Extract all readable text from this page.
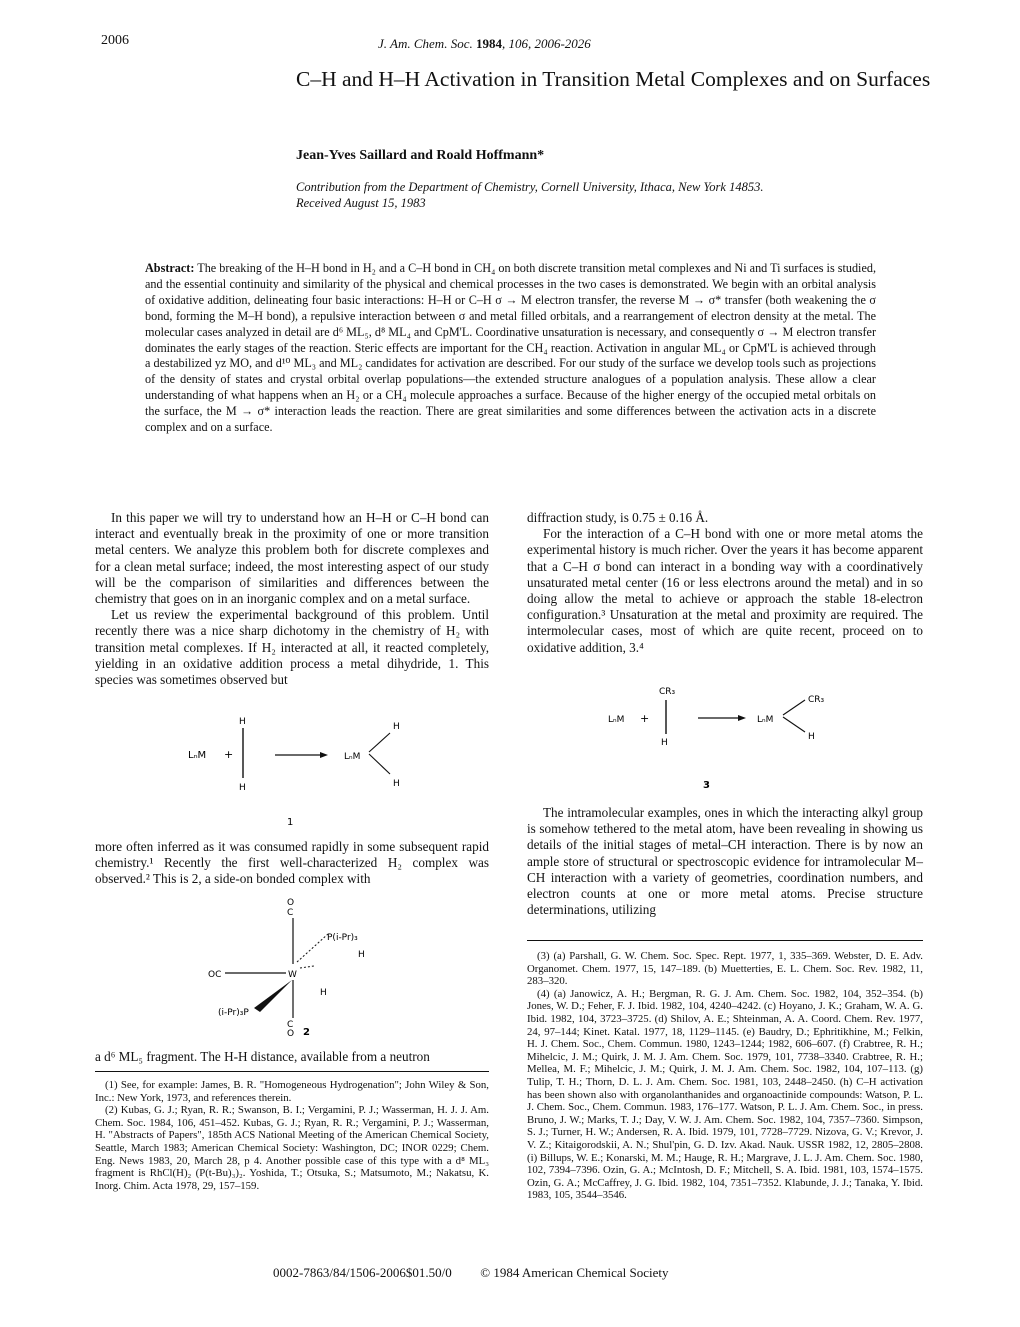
2006	J. Am. Chem. Soc. 1984, 106, 2006-2026
C–H and H–H Activation in Transition Metal Complexes and on Surfaces
Jean-Yves Saillard and Roald Hoffmann*
Contribution from the Department of Chemistry, Cornell University, Ithaca, New York 14853.
Received August 15, 1983
Abstract: The breaking of the H–H bond in H₂ and a C–H bond in CH₄ on both discrete transition metal complexes and Ni and Ti surfaces is studied, and the essential continuity and similarity of the physical and chemical processes in the two cases is demonstrated. We begin with an orbital analysis of oxidative addition, delineating four basic interactions: H–H or C–H σ → M electron transfer, the reverse M → σ* transfer (both weakening the σ bond, forming the M–H bond), a repulsive interaction between σ and metal filled orbitals, and a rearrangement of electron density at the metal. The molecular cases analyzed in detail are d⁶ ML₅, d⁸ ML₄ and CpM'L. Coordinative unsaturation is necessary, and consequently σ → M electron transfer dominates the early stages of the reaction. Steric effects are important for the CH₄ reaction. Activation in angular ML₄ or CpM'L is achieved through a destabilized yz MO, and d¹⁰ ML₃ and ML₂ candidates for activation are described. For our study of the surface we develop tools such as projections of the density of states and crystal orbital overlap populations—the extended structure analogues of a population analysis. These allow a clear understanding of what happens when an H₂ or a CH₄ molecule approaches a surface. Because of the higher energy of the occupied metal orbitals on the surface, the M → σ* interaction leads the reaction. There are great similarities and some differences between the activation acts in a discrete complex and on a surface.

In this paper we will try to understand how an H–H or C–H bond can interact and eventually break in the proximity of one or more transition metal centers. We analyze this problem both for discrete complexes and for a clean metal surface; indeed, the most interesting aspect of our study will be the comparison of similarities and differences between the chemistry that goes on in an inorganic complex and on a metal surface.

Let us review the experimental background of this problem. Until recently there was a nice sharp dichotomy in the chemistry of H₂ with transition metal complexes. If H₂ interacted at all, it reacted completely, yielding in an oxidative addition process a metal dihydride, 1. This species was sometimes observed but

LₙM +
H
H
LₙM
H
H
1

more often inferred as it was consumed rapidly in some subsequent rapid chemistry.¹ Recently the first well-characterized H₂ complex was observed.² This is 2, a side-on bonded complex with

O
C
P(i-Pr)₃
H
OC	W
H
(i-Pr)₃P
C
O 2

a d⁶ ML₅ fragment. The H-H distance, available from a neutron

(1) See, for example: James, B. R. "Homogeneous Hydrogenation"; John Wiley & Son, Inc.: New York, 1973, and references therein.

(2) Kubas, G. J.; Ryan, R. R.; Swanson, B. I.; Vergamini, P. J.; Wasserman, H. J. J. Am. Chem. Soc. 1984, 106, 451–452. Kubas, G. J.; Ryan, R. R.; Vergamini, P. J.; Wasserman, H. "Abstracts of Papers", 185th ACS National Meeting of the American Chemical Society, Seattle, March 1983; American Chemical Society: Washington, DC; INOR 0229; Chem. Eng. News 1983, 20, March 28, p 4. Another possible case of this type with a d⁸ ML₃ fragment is RhCl(H)₂ (P(t-Bu)₃)₂. Yoshida, T.; Otsuka, S.; Matsumoto, M.; Nakatsu, K. Inorg. Chim. Acta 1978, 29, 157–159.

diffraction study, is 0.75 ± 0.16 Å.

For the interaction of a C–H bond with one or more metal atoms the experimental history is much richer. Over the years it has become apparent that a C–H σ bond can interact in a bonding way with a coordinatively unsaturated metal center (16 or less electrons around the metal) and in so doing allow the metal to achieve or approach the stable 18-electron configuration.³ Unsaturation at the metal and proximity are required. The intermolecular cases, most of which are quite recent, proceed on to oxidative addition, 3.⁴

LₙM +
CR₃
H
LₙM
CR₃
H
3

The intramolecular examples, ones in which the interacting alkyl group is somehow tethered to the metal atom, have been revealing in showing us details of the initial stages of metal–CH interaction. There is by now an ample store of structural or spectroscopic evidence for intramolecular M–CH interaction with a variety of geometries, coordination numbers, and electron counts at one or more metal atoms. Precise structure determinations, utilizing

(3) (a) Parshall, G. W. Chem. Soc. Spec. Rept. 1977, 1, 335–369. Webster, D. E. Adv. Organomet. Chem. 1977, 15, 147–189. (b) Muetterties, E. L. Chem. Soc. Rev. 1982, 11, 283–320.

(4) (a) Janowicz, A. H.; Bergman, R. G. J. Am. Chem. Soc. 1982, 104, 352–354. (b) Jones, W. D.; Feher, F. J. Ibid. 1982, 104, 4240–4242. (c) Hoyano, J. K.; Graham, W. A. G. Ibid. 1982, 104, 3723–3725. (d) Shilov, A. E.; Shteinman, A. A. Coord. Chem. Rev. 1977, 24, 97–144; Kinet. Katal. 1977, 18, 1129–1145. (e) Baudry, D.; Ephritikhine, M.; Felkin, H. J. Chem. Soc., Chem. Commun. 1980, 1243–1244; 1982, 606–607. (f) Crabtree, R. H.; Mihelcic, J. M.; Quirk, J. M. J. Am. Chem. Soc. 1979, 101, 7738–3340. Crabtree, R. H.; Mellea, M. F.; Mihelcic, J. M.; Quirk, J. M. J. Am. Chem. Soc. 1982, 104, 107–113. (g) Tulip, T. H.; Thorn, D. L. J. Am. Chem. Soc. 1981, 103, 2448–2450. (h) C–H activation has been shown also with organolanthanides and organoactinide compounds: Watson, P. L. J. Chem. Soc., Chem. Commun. 1983, 176–177. Watson, P. L. J. Am. Chem. Soc., in press. Bruno, J. W.; Marks, T. J.; Day, V. W. J. Am. Chem. Soc. 1982, 104, 7357–7360. Simpson, S. J.; Turner, H. W.; Andersen, R. A. Ibid. 1979, 101, 7728–7729. Nizova, G. V.; Krevor, J. V. Z.; Kitaigorodskii, A. N.; Shul'pin, G. D. Izv. Akad. Nauk. USSR 1982, 12, 2805–2808. (i) Billups, W. E.; Konarski, M. M.; Hauge, R. H.; Margrave, J. L. J. Am. Chem. Soc. 1980, 102, 7394–7396. Ozin, G. A.; McIntosh, D. F.; Mitchell, S. A. Ibid. 1981, 103, 1574–1575. Ozin, G. A.; McCaffrey, J. G. Ibid. 1982, 104, 7351–7352. Klabunde, J. J.; Tanaka, Y. Ibid. 1983, 105, 3544–3546.

0002-7863/84/1506-2006$01.50/0 © 1984 American Chemical Society
